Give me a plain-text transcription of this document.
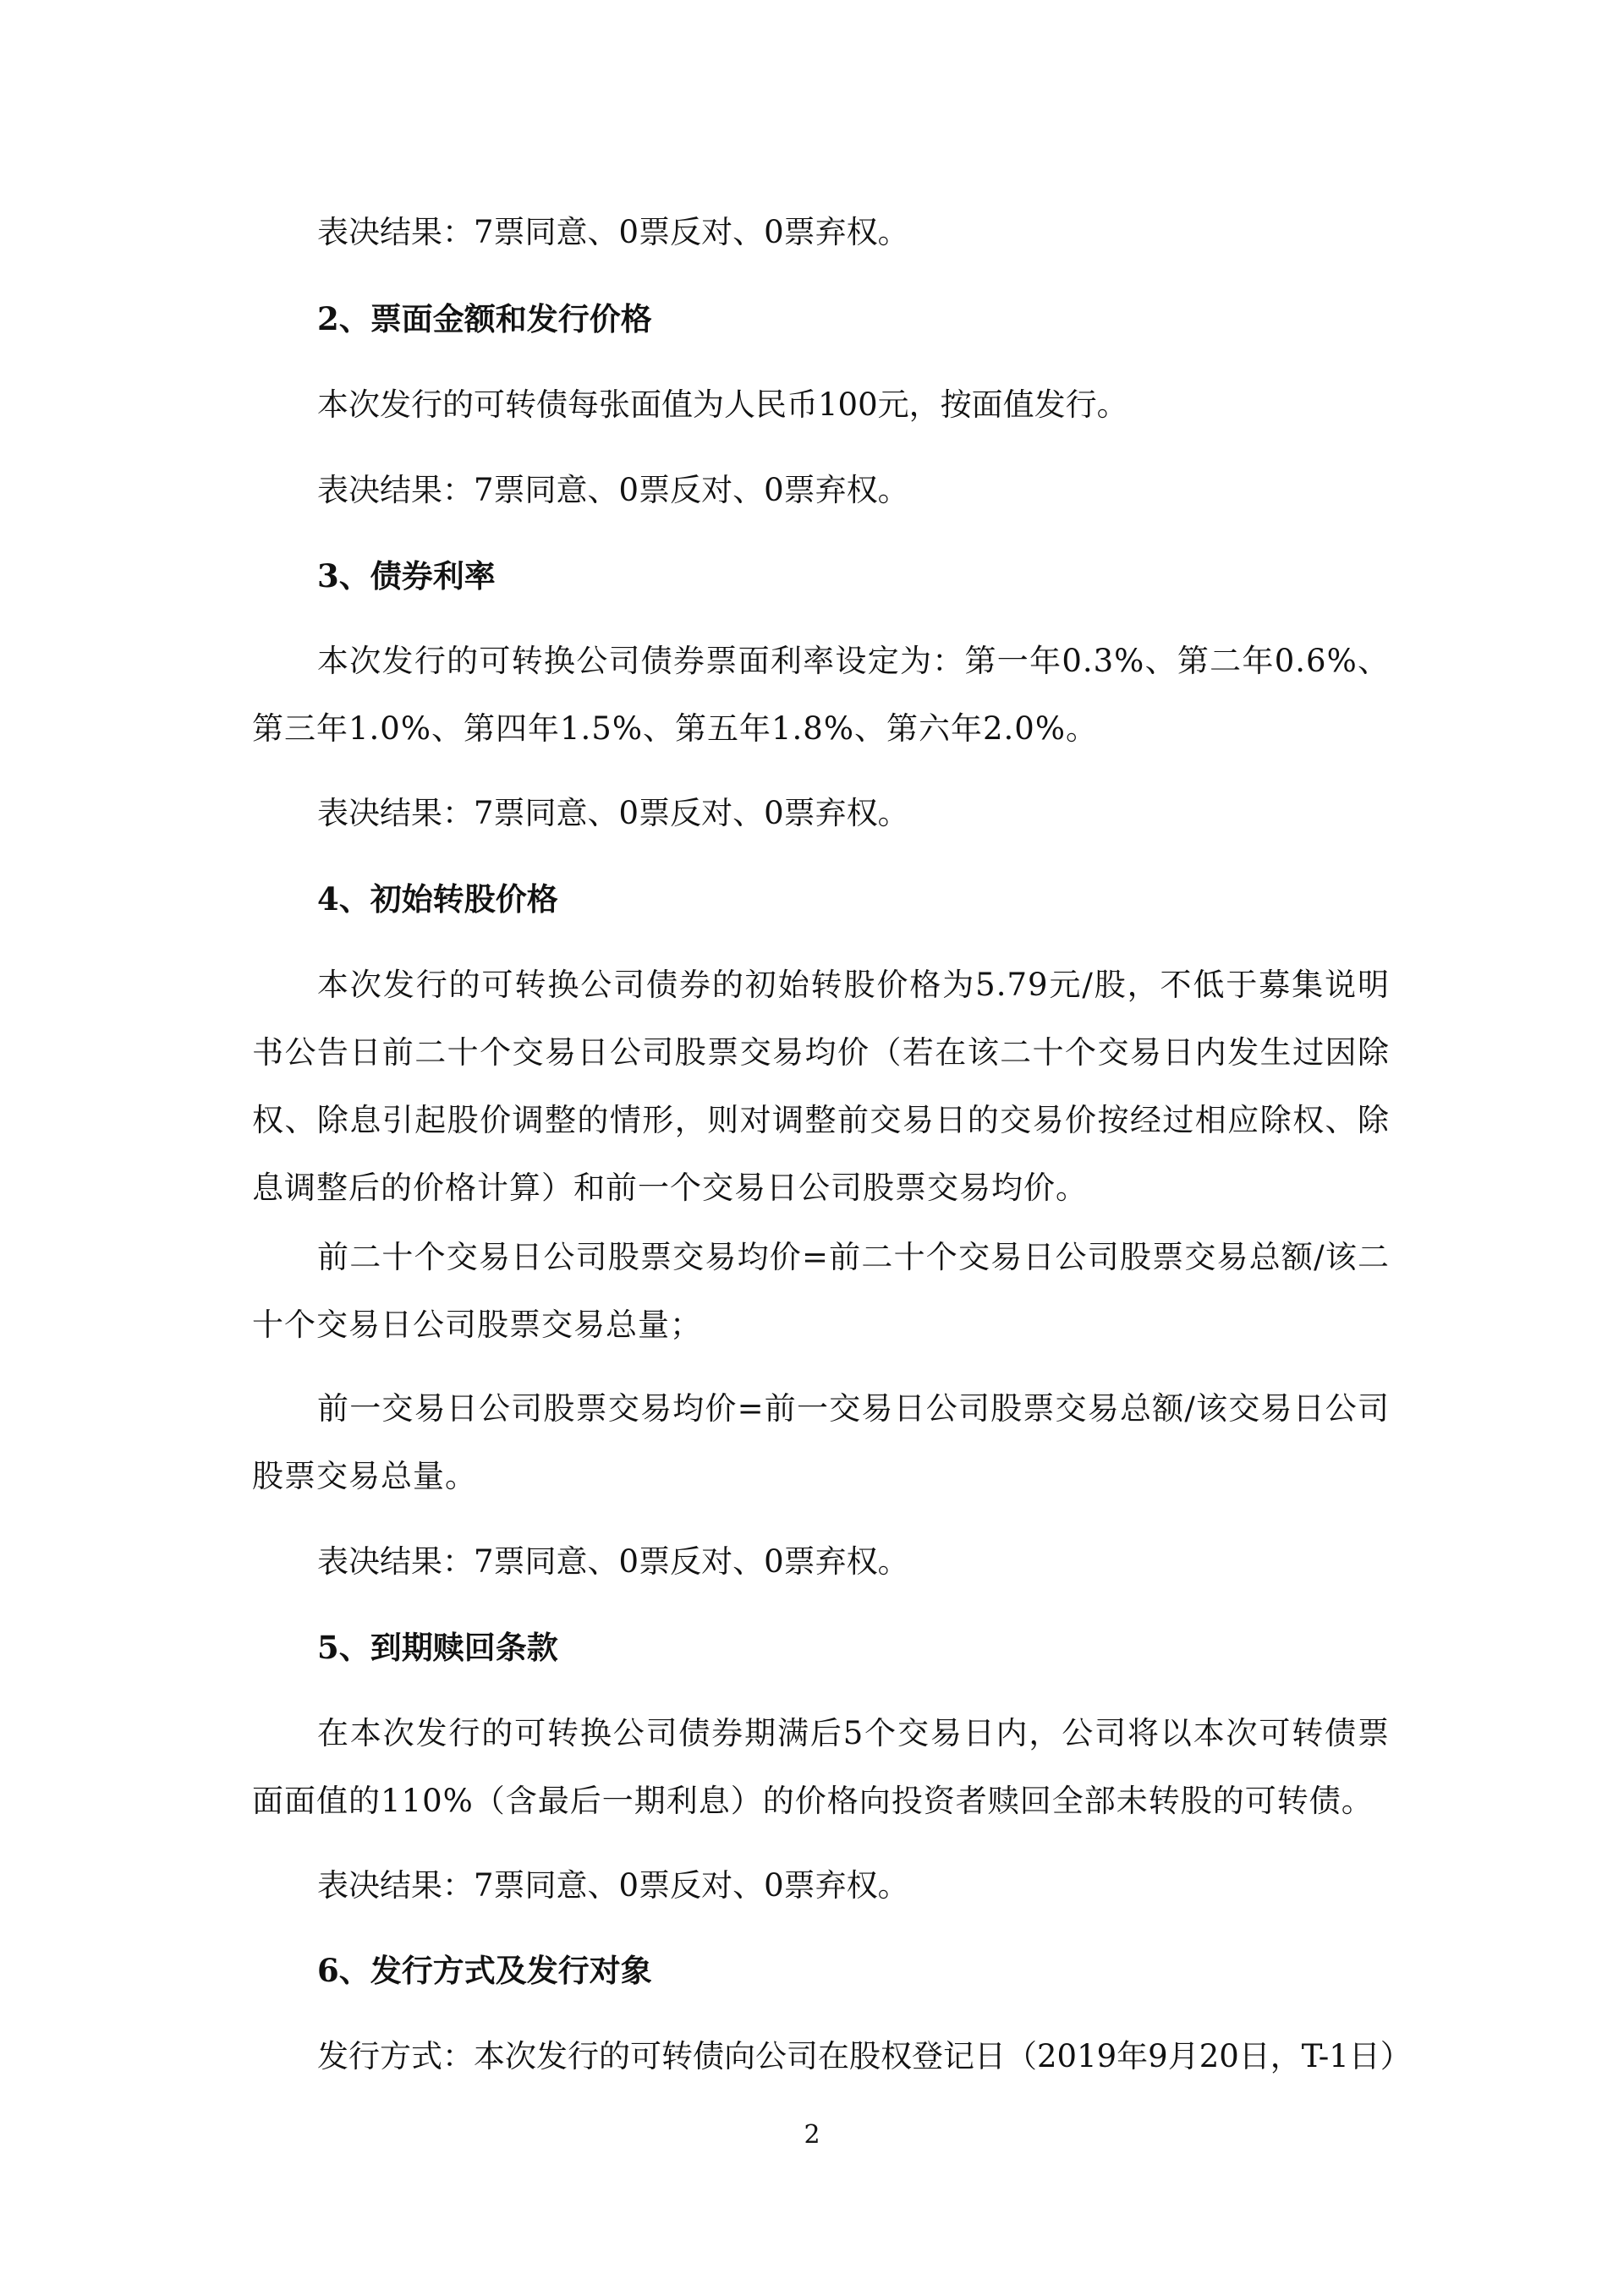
表决结果：7票同意、0票反对、0票弃权。

2、票面金额和发行价格

本次发行的可转债每张面值为人民币100元，按面值发行。

表决结果：7票同意、0票反对、0票弃权。

3、债券利率

本次发行的可转换公司债券票面利率设定为：第一年0.3%、第二年0.6%、第三年1.0%、第四年1.5%、第五年1.8%、第六年2.0%。

表决结果：7票同意、0票反对、0票弃权。

4、初始转股价格

本次发行的可转换公司债券的初始转股价格为5.79元/股，不低于募集说明书公告日前二十个交易日公司股票交易均价（若在该二十个交易日内发生过因除权、除息引起股价调整的情形，则对调整前交易日的交易价按经过相应除权、除息调整后的价格计算）和前一个交易日公司股票交易均价。

前二十个交易日公司股票交易均价=前二十个交易日公司股票交易总额/该二十个交易日公司股票交易总量；

前一交易日公司股票交易均价=前一交易日公司股票交易总额/该交易日公司股票交易总量。

表决结果：7票同意、0票反对、0票弃权。

5、到期赎回条款

在本次发行的可转换公司债券期满后5个交易日内，公司将以本次可转债票面面值的110%（含最后一期利息）的价格向投资者赎回全部未转股的可转债。

表决结果：7票同意、0票反对、0票弃权。

6、发行方式及发行对象

发行方式：本次发行的可转债向公司在股权登记日（2019年9月20日，T-1日）

2
